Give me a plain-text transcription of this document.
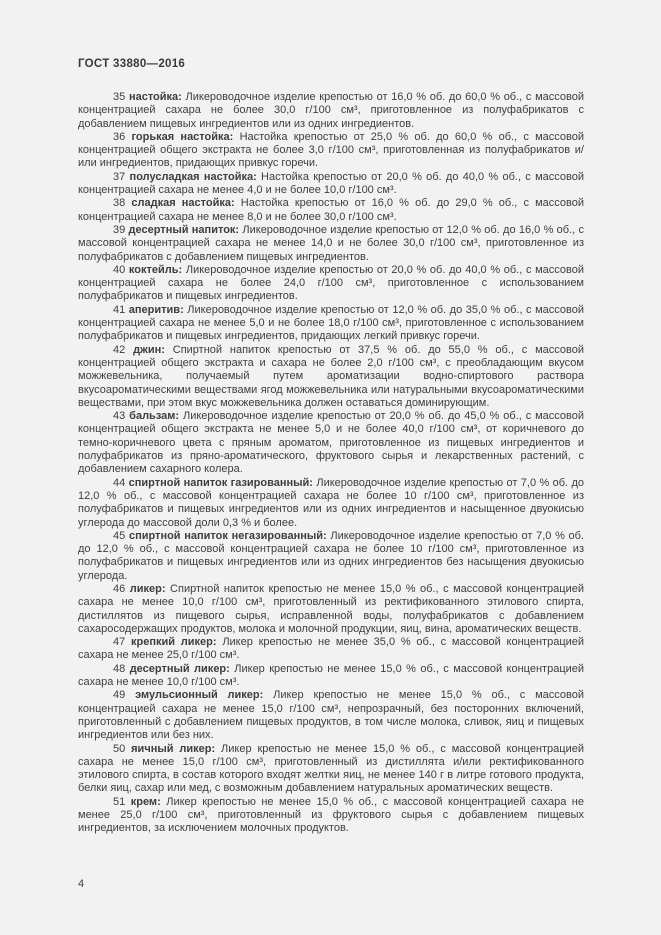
ГОСТ 33880—2016

35 настойка: Ликероводочное изделие крепостью от 16,0 % об. до 60,0 % об., с массовой концентрацией сахара не более 30,0 г/100 см³, приготовленное из полуфабрикатов с добавлением пищевых ингредиентов или из одних ингредиентов.

36 горькая настойка: Настойка крепостью от 25,0 % об. до 60,0 % об., с массовой концентрацией общего экстракта не более 3,0 г/100 см³, приготовленная из полуфабрикатов и/или ингредиентов, придающих привкус горечи.

37 полусладкая настойка: Настойка крепостью от 20,0 % об. до 40,0 % об., с массовой концентрацией сахара не менее 4,0 и не более 10,0 г/100 см³.

38 сладкая настойка: Настойка крепостью от 16,0 % об. до 29,0 % об., с массовой концентрацией сахара не менее 8,0 и не более 30,0 г/100 см³.

39 десертный напиток: Ликероводочное изделие крепостью от 12,0 % об. до 16,0 % об., с массовой концентрацией сахара не менее 14,0 и не более 30,0 г/100 см³, приготовленное из полуфабрикатов с добавлением пищевых ингредиентов.

40 коктейль: Ликероводочное изделие крепостью от 20,0 % об. до 40,0 % об., с массовой концентрацией сахара не более 24,0 г/100 см³, приготовленное с использованием полуфабрикатов и пищевых ингредиентов.

41 аперитив: Ликероводочное изделие крепостью от 12,0 % об. до 35,0 % об., с массовой концентрацией сахара не менее 5,0 и не более 18,0 г/100 см³, приготовленное с использованием полуфабрикатов и пищевых ингредиентов, придающих легкий привкус горечи.

42 джин: Спиртной напиток крепостью от 37,5 % об. до 55,0 % об., с массовой концентрацией общего экстракта и сахара не более 2,0 г/100 см³, с преобладающим вкусом можжевельника, получаемый путем ароматизации водно-спиртового раствора вкусоароматическими веществами ягод можжевельника или натуральными вкусоароматическими веществами, при этом вкус можжевельника должен оставаться доминирующим.

43 бальзам: Ликероводочное изделие крепостью от 20,0 % об. до 45,0 % об., с массовой концентрацией общего экстракта не менее 5,0 и не более 40,0 г/100 см³, от коричневого до темно-коричневого цвета с пряным ароматом, приготовленное из пищевых ингредиентов и полуфабрикатов из пряно-ароматического, фруктового сырья и лекарственных растений, с добавлением сахарного колера.

44 спиртной напиток газированный: Ликероводочное изделие крепостью от 7,0 % об. до 12,0 % об., с массовой концентрацией сахара не более 10 г/100 см³, приготовленное из полуфабрикатов и пищевых ингредиентов или из одних ингредиентов и насыщенное двуокисью углерода до массовой доли 0,3 % и более.

45 спиртной напиток негазированный: Ликероводочное изделие крепостью от 7,0 % об. до 12,0 % об., с массовой концентрацией сахара не более 10 г/100 см³, приготовленное из полуфабрикатов и пищевых ингредиентов или из одних ингредиентов без насыщения двуокисью углерода.

46 ликер: Спиртной напиток крепостью не менее 15,0 % об., с массовой концентрацией сахара не менее 10,0 г/100 см³, приготовленный из ректификованного этилового спирта, дистиллятов из пищевого сырья, исправленной воды, полуфабрикатов с добавлением сахаросодержащих продуктов, молока и молочной продукции, яиц, вина, ароматических веществ.

47 крепкий ликер: Ликер крепостью не менее 35,0 % об., с массовой концентрацией сахара не менее 25,0 г/100 см³.

48 десертный ликер: Ликер крепостью не менее 15,0 % об., с массовой концентрацией сахара не менее 10,0 г/100 см³.

49 эмульсионный ликер: Ликер крепостью не менее 15,0 % об., с массовой концентрацией сахара не менее 15,0 г/100 см³, непрозрачный, без посторонних включений, приготовленный с добавлением пищевых продуктов, в том числе молока, сливок, яиц и пищевых ингредиентов или без них.

50 яичный ликер: Ликер крепостью не менее 15,0 % об., с массовой концентрацией сахара не менее 15,0 г/100 см³, приготовленный из дистиллята и/или ректификованного этилового спирта, в состав которого входят желтки яиц, не менее 140 г в литре готового продукта, белки яиц, сахар или мед, с возможным добавлением натуральных ароматических веществ.

51 крем: Ликер крепостью не менее 15,0 % об., с массовой концентрацией сахара не менее 25,0 г/100 см³, приготовленный из фруктового сырья с добавлением пищевых ингредиентов, за исключением молочных продуктов.

4
